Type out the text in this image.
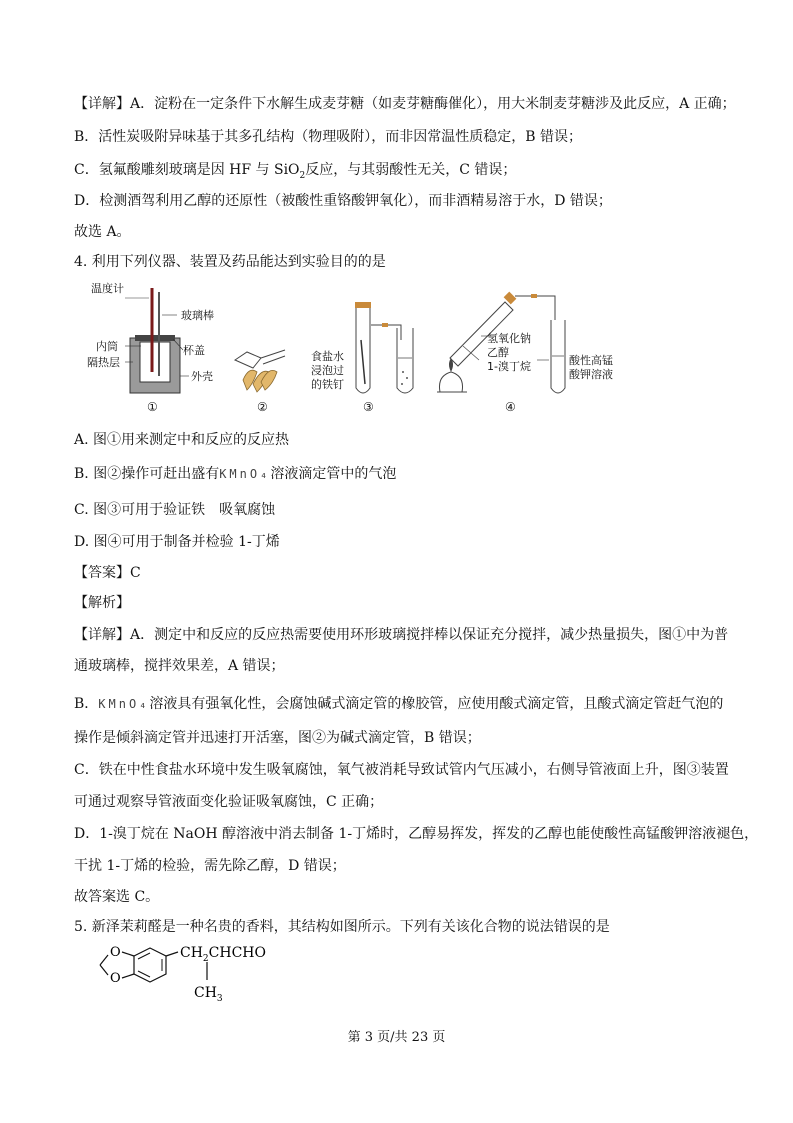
【详解】A．淀粉在一定条件下水解生成麦芽糖（如麦芽糖酶催化），用大米制麦芽糖涉及此反应，A 正确；
B．活性炭吸附异味基于其多孔结构（物理吸附），而非因常温性质稳定，B 错误；
C．氢氟酸雕刻玻璃是因 HF 与 SiO$_2$反应，与其弱酸性无关，C 错误；
D．检测酒驾利用乙醇的还原性（被酸性重铬酸钾氧化），而非酒精易溶于水，D 错误；
故选 A。
4. 利用下列仪器、装置及药品能达到实验目的的是
温度计
玻璃棒
内筒
隔热层
杯盖
外壳
①	②
食盐水
浸泡过
的铁钉
③
氢氧化钠
乙醇
1-溴丁烷	酸性高锰
酸钾溶液
④
A. 图①用来测定中和反应的反应热
B. 图②操作可赶出盛有KMnO₄溶液滴定管中的气泡
C. 图③可用于验证铁　吸氧腐蚀
D. 图④可用于制备并检验 1-丁烯
【答案】C
【解析】
【详解】A．测定中和反应的反应热需要使用环形玻璃搅拌棒以保证充分搅拌，减少热量损失，图①中为普
通玻璃棒，搅拌效果差，A 错误；
B．KMnO₄溶液具有强氧化性，会腐蚀碱式滴定管的橡胶管，应使用酸式滴定管，且酸式滴定管赶气泡的
操作是倾斜滴定管并迅速打开活塞，图②为碱式滴定管，B 错误；
C．铁在中性食盐水环境中发生吸氧腐蚀，氧气被消耗导致试管内气压减小，右侧导管液面上升，图③装置
可通过观察导管液面变化验证吸氧腐蚀，C 正确；
D．1-溴丁烷在 NaOH 醇溶液中消去制备 1-丁烯时，乙醇易挥发，挥发的乙醇也能使酸性高锰酸钾溶液褪色，
干扰 1-丁烯的检验，需先除乙醇，D 错误；
故答案选 C。
5. 新泽茉莉醛是一种名贵的香料，其结构如图所示。下列有关该化合物的说法错误的是
O
O
$CH_2CHCHO$
$CH_3$
第 3 页/共 23 页
